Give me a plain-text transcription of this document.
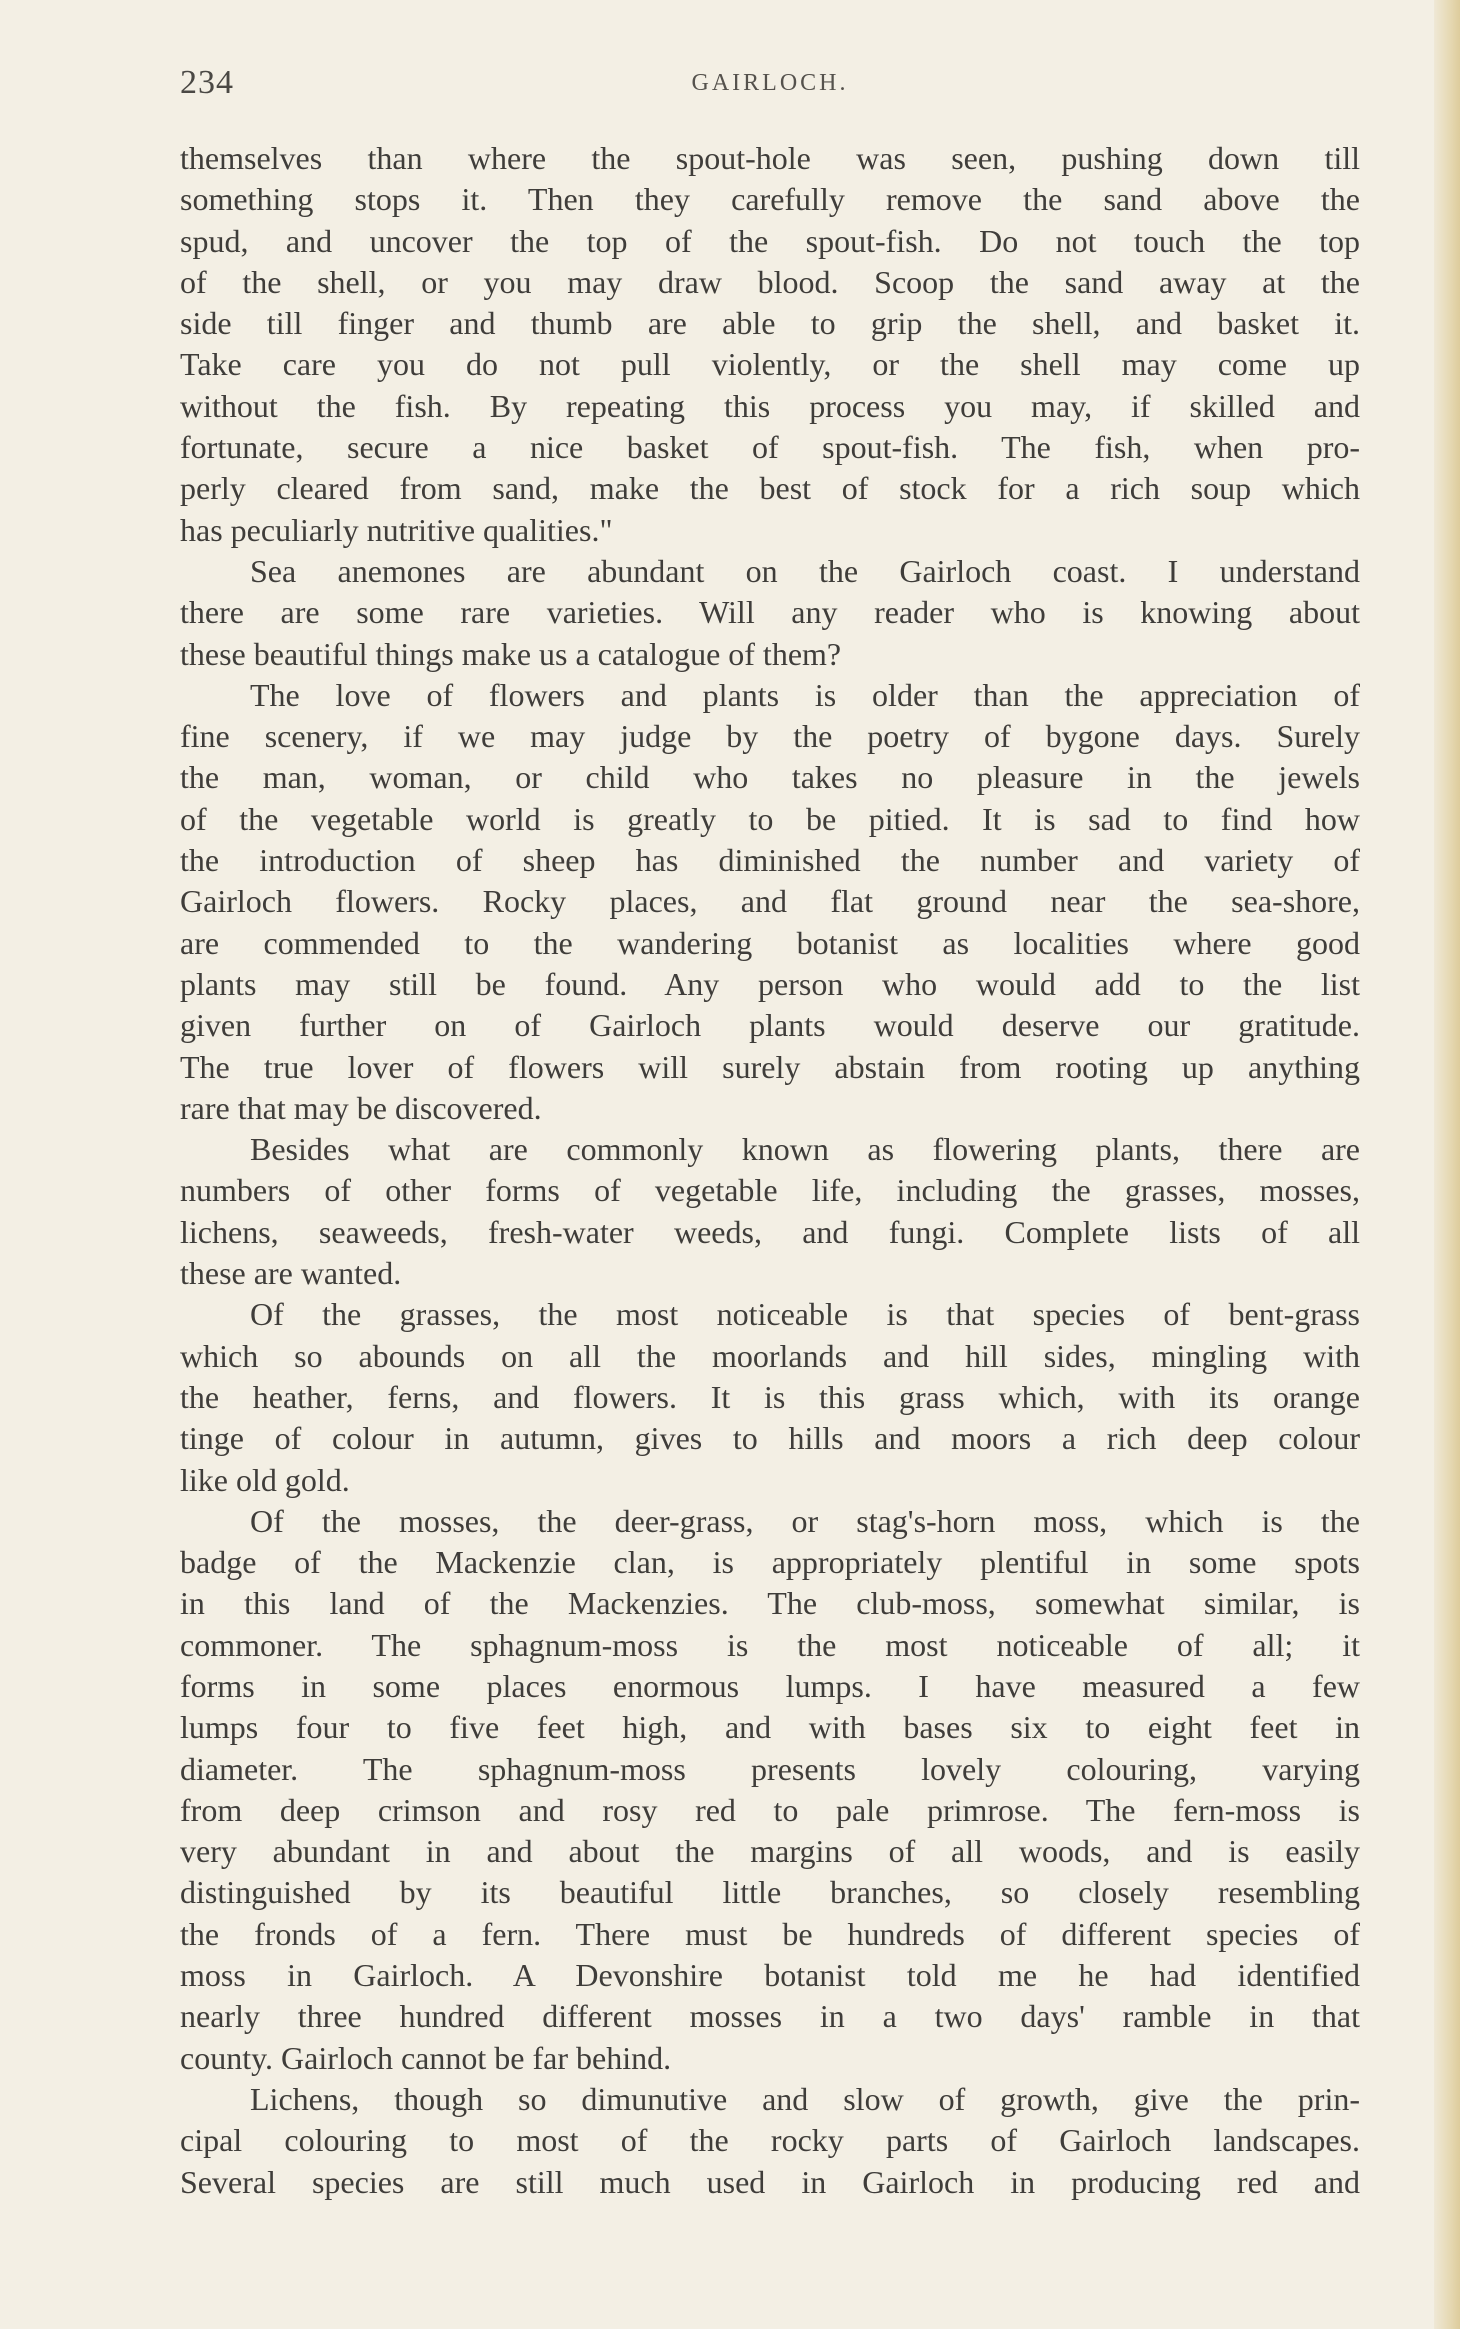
234	GAIRLOCH.
themselves than where the spout-hole was seen, pushing down till
something stops it. Then they carefully remove the sand above the
spud, and uncover the top of the spout-fish. Do not touch the top
of the shell, or you may draw blood. Scoop the sand away at the
side till finger and thumb are able to grip the shell, and basket it.
Take care you do not pull violently, or the shell may come up
without the fish. By repeating this process you may, if skilled and
fortunate, secure a nice basket of spout-fish. The fish, when pro-
perly cleared from sand, make the best of stock for a rich soup which
has peculiarly nutritive qualities."
Sea anemones are abundant on the Gairloch coast. I understand
there are some rare varieties. Will any reader who is knowing about
these beautiful things make us a catalogue of them?
The love of flowers and plants is older than the appreciation of
fine scenery, if we may judge by the poetry of bygone days. Surely
the man, woman, or child who takes no pleasure in the jewels
of the vegetable world is greatly to be pitied. It is sad to find how
the introduction of sheep has diminished the number and variety of
Gairloch flowers. Rocky places, and flat ground near the sea-shore,
are commended to the wandering botanist as localities where good
plants may still be found. Any person who would add to the list
given further on of Gairloch plants would deserve our gratitude.
The true lover of flowers will surely abstain from rooting up anything
rare that may be discovered.
Besides what are commonly known as flowering plants, there are
numbers of other forms of vegetable life, including the grasses, mosses,
lichens, seaweeds, fresh-water weeds, and fungi. Complete lists of all
these are wanted.
Of the grasses, the most noticeable is that species of bent-grass
which so abounds on all the moorlands and hill sides, mingling with
the heather, ferns, and flowers. It is this grass which, with its orange
tinge of colour in autumn, gives to hills and moors a rich deep colour
like old gold.
Of the mosses, the deer-grass, or stag's-horn moss, which is the
badge of the Mackenzie clan, is appropriately plentiful in some spots
in this land of the Mackenzies. The club-moss, somewhat similar, is
commoner. The sphagnum-moss is the most noticeable of all; it
forms in some places enormous lumps. I have measured a few
lumps four to five feet high, and with bases six to eight feet in
diameter. The sphagnum-moss presents lovely colouring, varying
from deep crimson and rosy red to pale primrose. The fern-moss is
very abundant in and about the margins of all woods, and is easily
distinguished by its beautiful little branches, so closely resembling
the fronds of a fern. There must be hundreds of different species of
moss in Gairloch. A Devonshire botanist told me he had identified
nearly three hundred different mosses in a two days' ramble in that
county. Gairloch cannot be far behind.
Lichens, though so dimunutive and slow of growth, give the prin-
cipal colouring to most of the rocky parts of Gairloch landscapes.
Several species are still much used in Gairloch in producing red and
